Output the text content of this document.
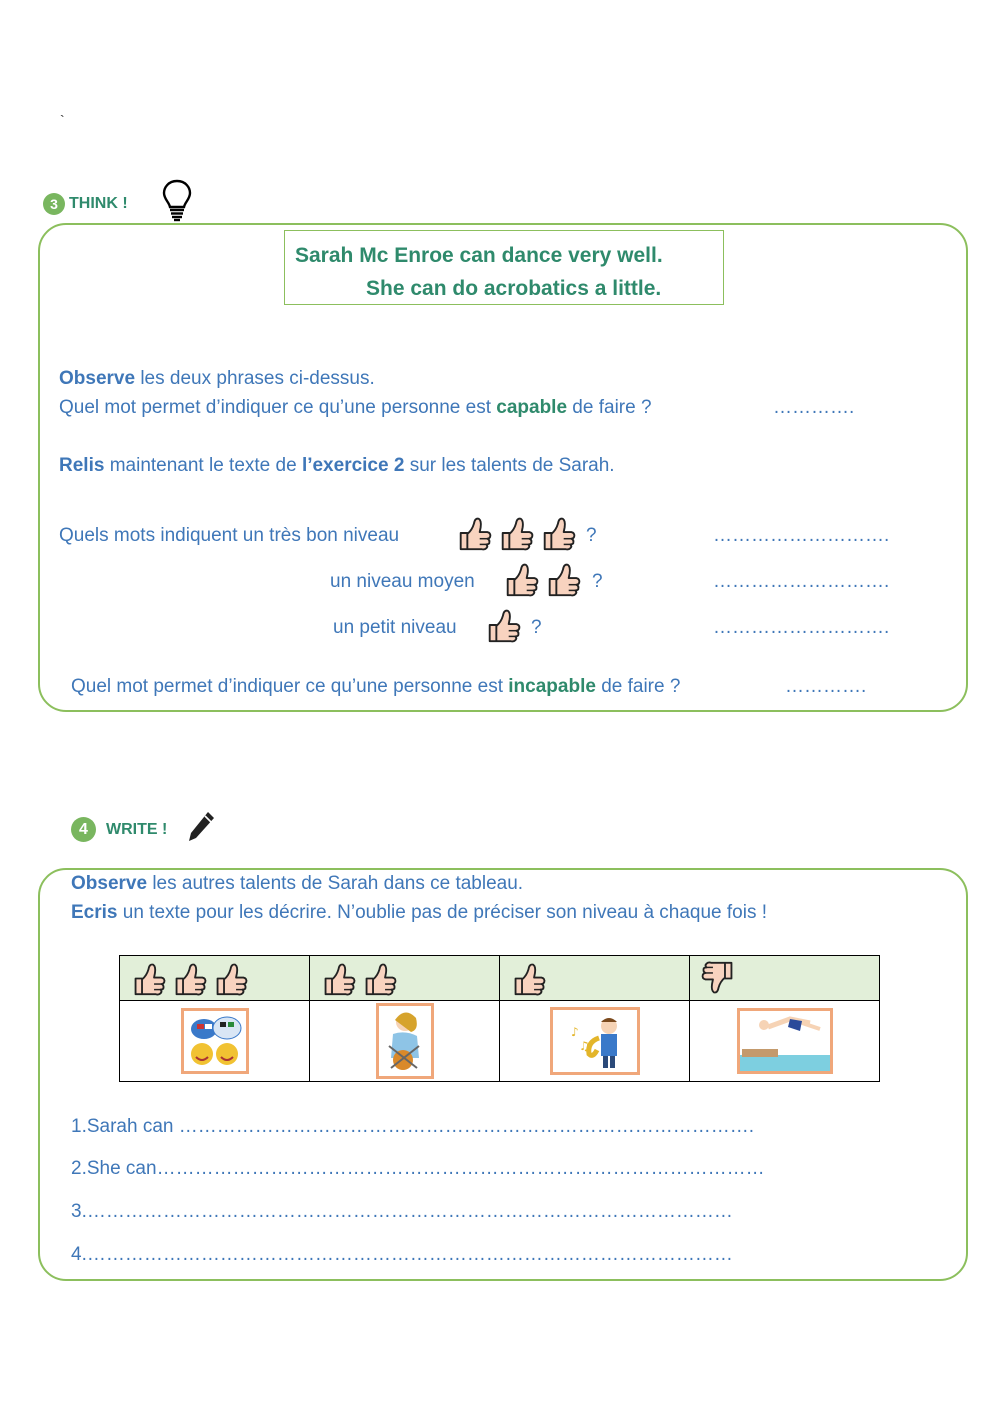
`
3 THINK !
Sarah Mc Enroe can dance very well.
She can do acrobatics a little.
Observe les deux phrases ci-dessus.
Quel mot permet d’indiquer ce qu’une personne est capable de faire ?	………….
Relis maintenant le texte de l’exercice 2 sur les talents de Sarah.
Quels mots indiquent un très bon niveau	?	……………………….
un niveau moyen	?	……………………….
un petit niveau	?	……………………….
Quel mot permet d’indiquer ce qu’une personne est incapable de faire ?	………….
4	WRITE !
Observe les autres talents de Sarah dans ce tableau.
Ecris un texte pour les décrire. N’oublie pas de préciser son niveau à chaque fois !

♪
♫

1.Sarah can ……………………………………………………………………………….
2.She can……………………………………………………………………………………
3.…………………………………………………………………………………………
4.…………………………………………………………………………………………
